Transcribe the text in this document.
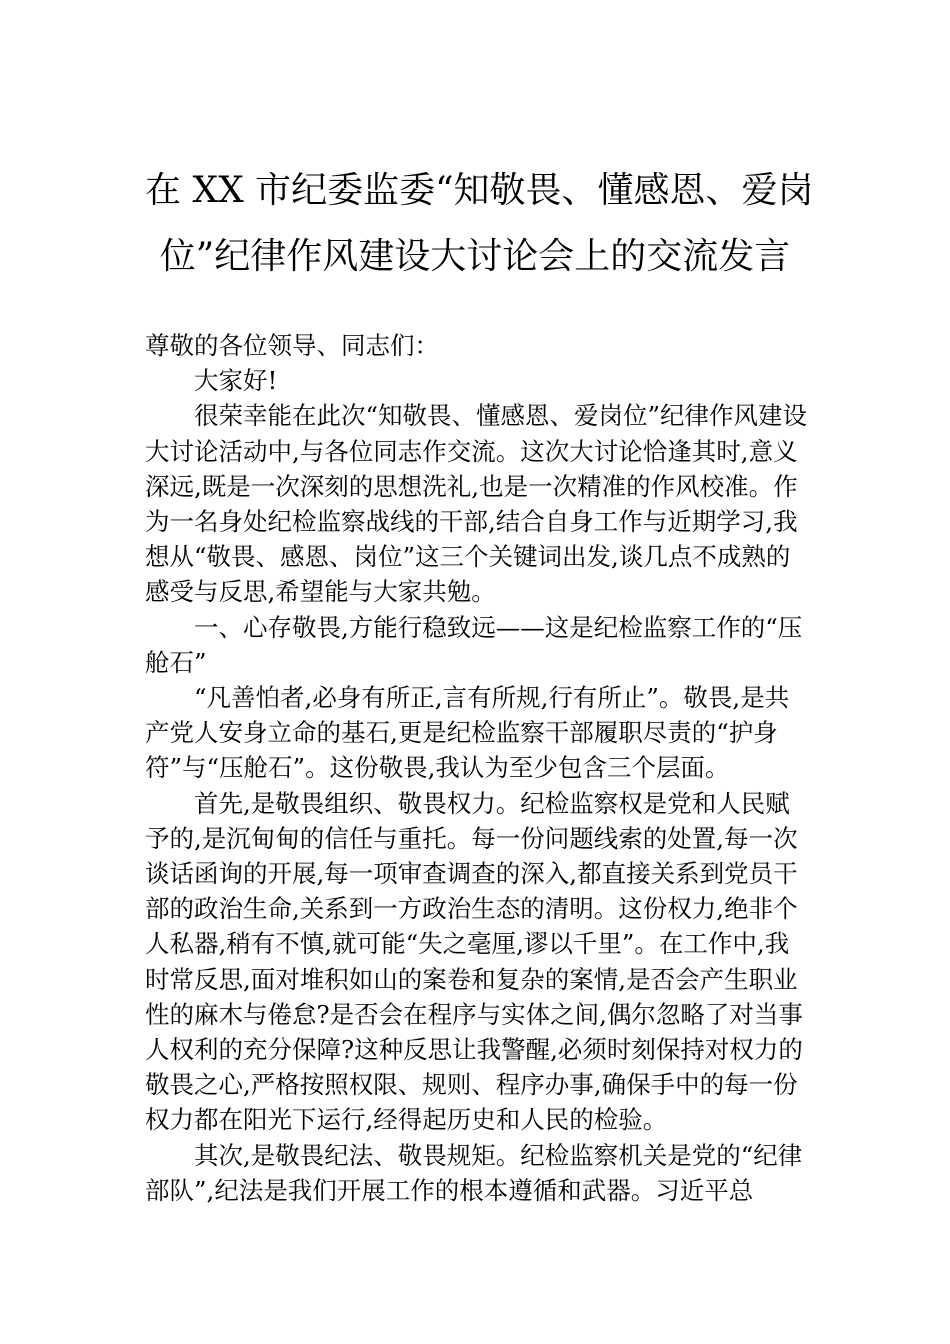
在 XX 市纪委监委“知敬畏、懂感恩、爱岗
位”纪律作风建设大讨论会上的交流发言

尊敬的各位领导、同志们：

大家好!

很荣幸能在此次“知敬畏、懂感恩、爱岗位”纪律作风建设大讨论活动中,与各位同志作交流。这次大讨论恰逢其时,意义深远,既是一次深刻的思想洗礼,也是一次精准的作风校准。作为一名身处纪检监察战线的干部,结合自身工作与近期学习,我想从“敬畏、感恩、岗位”这三个关键词出发,谈几点不成熟的感受与反思,希望能与大家共勉。

一、心存敬畏,方能行稳致远——这是纪检监察工作的“压舱石”

“凡善怕者,必身有所正,言有所规,行有所止”。敬畏,是共产党人安身立命的基石,更是纪检监察干部履职尽责的“护身符”与“压舱石”。这份敬畏,我认为至少包含三个层面。

首先,是敬畏组织、敬畏权力。纪检监察权是党和人民赋予的,是沉甸甸的信任与重托。每一份问题线索的处置,每一次谈话函询的开展,每一项审查调查的深入,都直接关系到党员干部的政治生命,关系到一方政治生态的清明。这份权力,绝非个人私器,稍有不慎,就可能“失之毫厘,谬以千里”。在工作中,我时常反思,面对堆积如山的案卷和复杂的案情,是否会产生职业性的麻木与倦怠?是否会在程序与实体之间,偶尔忽略了对当事人权利的充分保障?这种反思让我警醒,必须时刻保持对权力的敬畏之心,严格按照权限、规则、程序办事,确保手中的每一份权力都在阳光下运行,经得起历史和人民的检验。

其次,是敬畏纪法、敬畏规矩。纪检监察机关是党的“纪律部队”,纪法是我们开展工作的根本遵循和武器。习近平总
